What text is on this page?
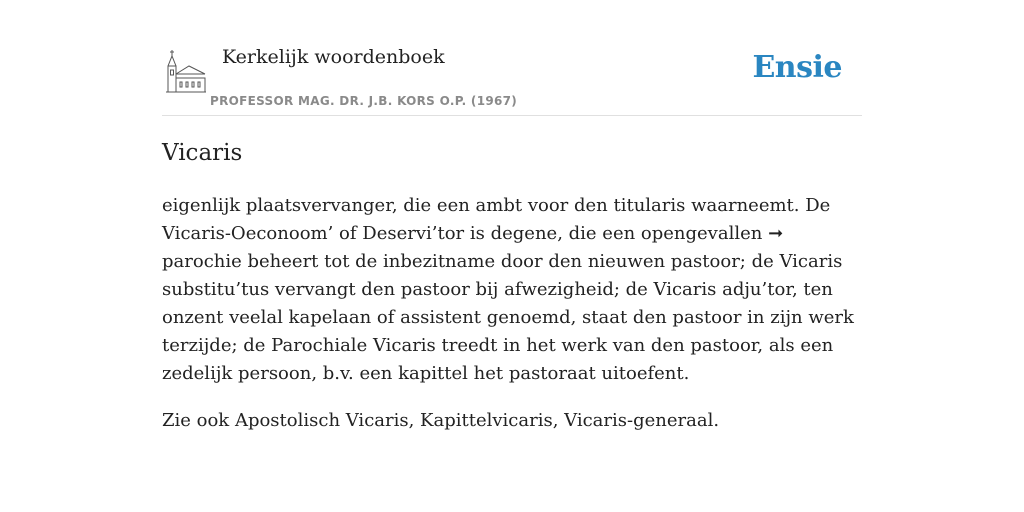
Kerkelijk woordenboek
PROFESSOR MAG. DR. J.B. KORS O.P. (1967)
Ensie
Vicaris

eigenlijk plaatsvervanger, die een ambt voor den titularis waarneemt. De Vicaris-Oeconoom’ of Deservi’tor is degene, die een opengevallen ➞ parochie beheert tot de inbezitname door den nieuwen pastoor; de Vicaris substitu’tus vervangt den pastoor bij afwezigheid; de Vicaris adju’tor, ten onzent veelal kapelaan of assistent genoemd, staat den pastoor in zijn werk terzijde; de Parochiale Vicaris treedt in het werk van den pastoor, als een zedelijk persoon, b.v. een kapittel het pastoraat uitoefent.

Zie ook Apostolisch Vicaris, Kapittelvicaris, Vicaris-generaal.
